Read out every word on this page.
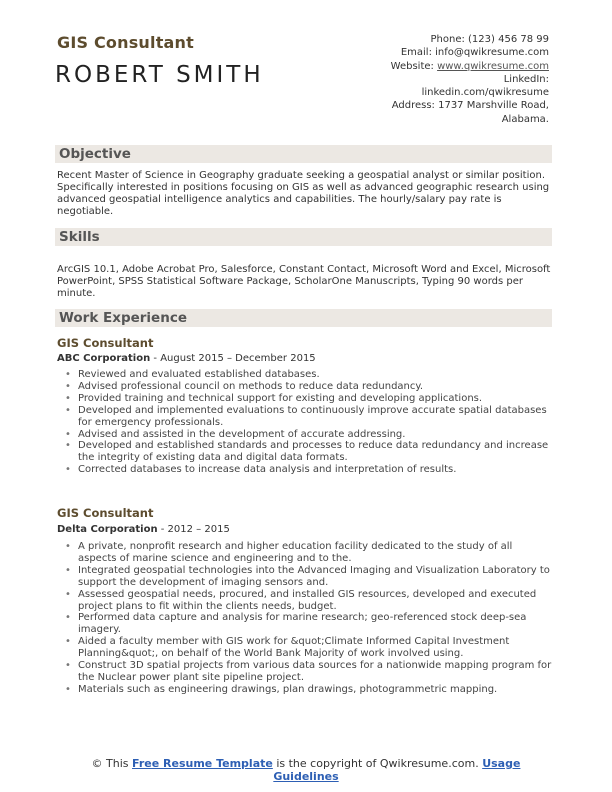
GIS Consultant
ROBERT SMITH
Phone: (123) 456 78 99
Email: info@qwikresume.com
Website: www.qwikresume.com
LinkedIn:
linkedin.com/qwikresume
Address: 1737 Marshville Road,
Alabama.
Objective
Recent Master of Science in Geography graduate seeking a geospatial analyst or similar position. Specifically interested in positions focusing on GIS as well as advanced geographic research using advanced geospatial intelligence analytics and capabilities. The hourly/salary pay rate is negotiable.
Skills
ArcGIS 10.1, Adobe Acrobat Pro, Salesforce, Constant Contact, Microsoft Word and Excel, Microsoft PowerPoint, SPSS Statistical Software Package, ScholarOne Manuscripts, Typing 90 words per minute.
Work Experience
GIS Consultant
ABC Corporation - August 2015 – December 2015
• Reviewed and evaluated established databases.
• Advised professional council on methods to reduce data redundancy.
• Provided training and technical support for existing and developing applications.
• Developed and implemented evaluations to continuously improve accurate spatial databases for emergency professionals.
• Advised and assisted in the development of accurate addressing.
• Developed and established standards and processes to reduce data redundancy and increase the integrity of existing data and digital data formats.
• Corrected databases to increase data analysis and interpretation of results.
GIS Consultant
Delta Corporation - 2012 – 2015
• A private, nonprofit research and higher education facility dedicated to the study of all aspects of marine science and engineering and to the.
• Integrated geospatial technologies into the Advanced Imaging and Visualization Laboratory to support the development of imaging sensors and.
• Assessed geospatial needs, procured, and installed GIS resources, developed and executed project plans to fit within the clients needs, budget.
• Performed data capture and analysis for marine research; geo-referenced stock deep-sea imagery.
• Aided a faculty member with GIS work for &quot;Climate Informed Capital Investment Planning&quot;, on behalf of the World Bank Majority of work involved using.
• Construct 3D spatial projects from various data sources for a nationwide mapping program for the Nuclear power plant site pipeline project.
• Materials such as engineering drawings, plan drawings, photogrammetric mapping.
© This Free Resume Template is the copyright of Qwikresume.com. Usage Guidelines
